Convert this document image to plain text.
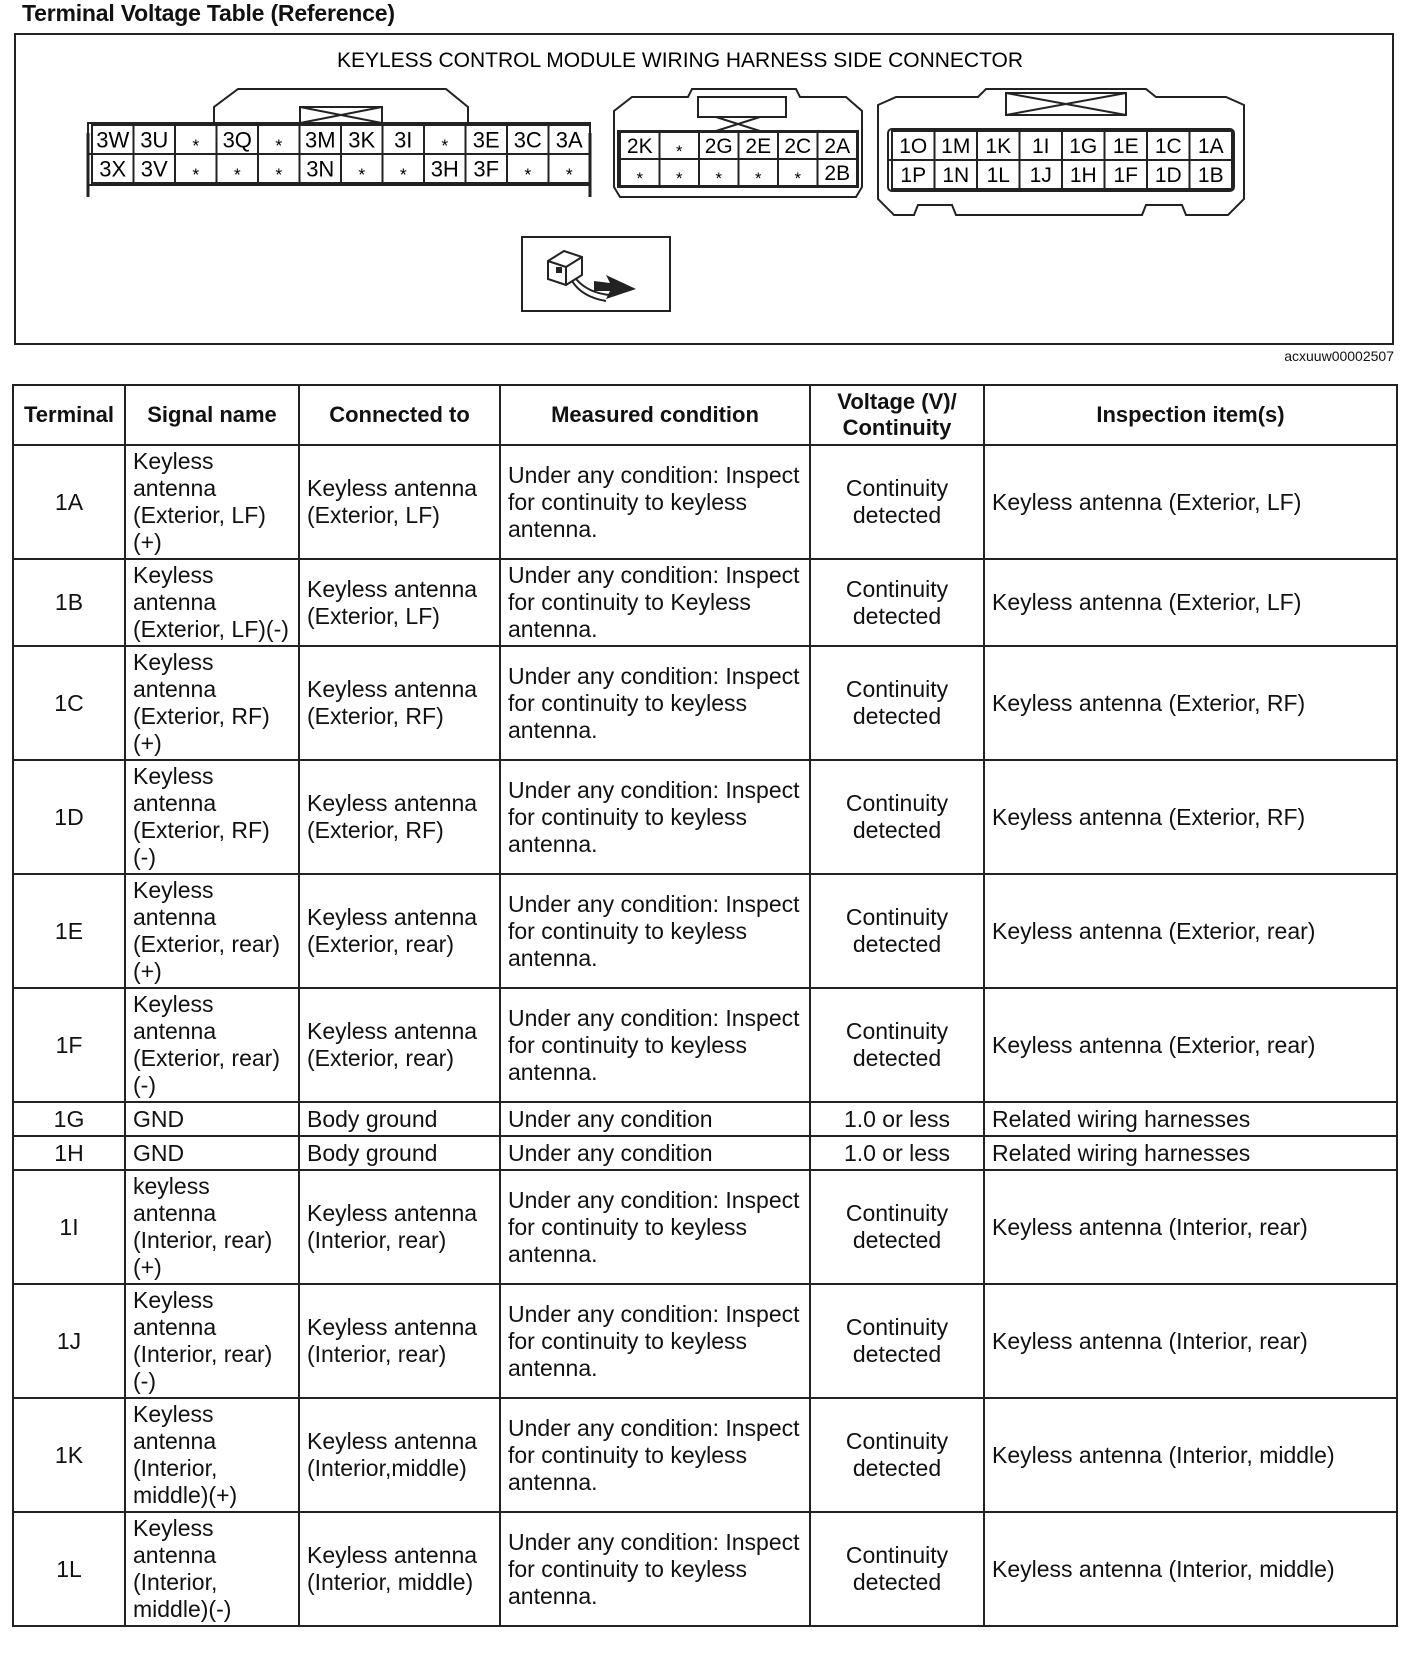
Terminal Voltage Table (Reference)
KEYLESS CONTROL MODULE WIRING HARNESS SIDE CONNECTOR
3W 3U * 3Q * 3M 3K 3I * 3E 3C 3A
3X 3V * * * 3N * * 3H 3F * *
2K * 2G 2E 2C 2A
* * * * * 2B
1O 1M 1K 1I 1G 1E 1C 1A
1P 1N 1L 1J 1H 1F 1D 1B
acxuuw00002507
Terminal	Signal name	Connected to	Measured condition	Voltage (V)/ Continuity	Inspection item(s)
1A	Keyless antenna (Exterior, LF)(+)	Keyless antenna (Exterior, LF)	Under any condition: Inspect for continuity to keyless antenna.	Continuity detected	Keyless antenna (Exterior, LF)
1B	Keyless antenna (Exterior, LF)(-)	Keyless antenna (Exterior, LF)	Under any condition: Inspect for continuity to Keyless antenna.	Continuity detected	Keyless antenna (Exterior, LF)
1C	Keyless antenna (Exterior, RF)(+)	Keyless antenna (Exterior, RF)	Under any condition: Inspect for continuity to keyless antenna.	Continuity detected	Keyless antenna (Exterior, RF)
1D	Keyless antenna (Exterior, RF)(-)	Keyless antenna (Exterior, RF)	Under any condition: Inspect for continuity to keyless antenna.	Continuity detected	Keyless antenna (Exterior, RF)
1E	Keyless antenna (Exterior, rear)(+)	Keyless antenna (Exterior, rear)	Under any condition: Inspect for continuity to keyless antenna.	Continuity detected	Keyless antenna (Exterior, rear)
1F	Keyless antenna (Exterior, rear)(-)	Keyless antenna (Exterior, rear)	Under any condition: Inspect for continuity to keyless antenna.	Continuity detected	Keyless antenna (Exterior, rear)
1G	GND	Body ground	Under any condition	1.0 or less	Related wiring harnesses
1H	GND	Body ground	Under any condition	1.0 or less	Related wiring harnesses
1I	keyless antenna (Interior, rear)(+)	Keyless antenna (Interior, rear)	Under any condition: Inspect for continuity to keyless antenna.	Continuity detected	Keyless antenna (Interior, rear)
1J	Keyless antenna (Interior, rear)(-)	Keyless antenna (Interior, rear)	Under any condition: Inspect for continuity to keyless antenna.	Continuity detected	Keyless antenna (Interior, rear)
1K	Keyless antenna (Interior, middle)(+)	Keyless antenna (Interior,middle)	Under any condition: Inspect for continuity to keyless antenna.	Continuity detected	Keyless antenna (Interior, middle)
1L	Keyless antenna (Interior, middle)(-)	Keyless antenna (Interior, middle)	Under any condition: Inspect for continuity to keyless antenna.	Continuity detected	Keyless antenna (Interior, middle)
